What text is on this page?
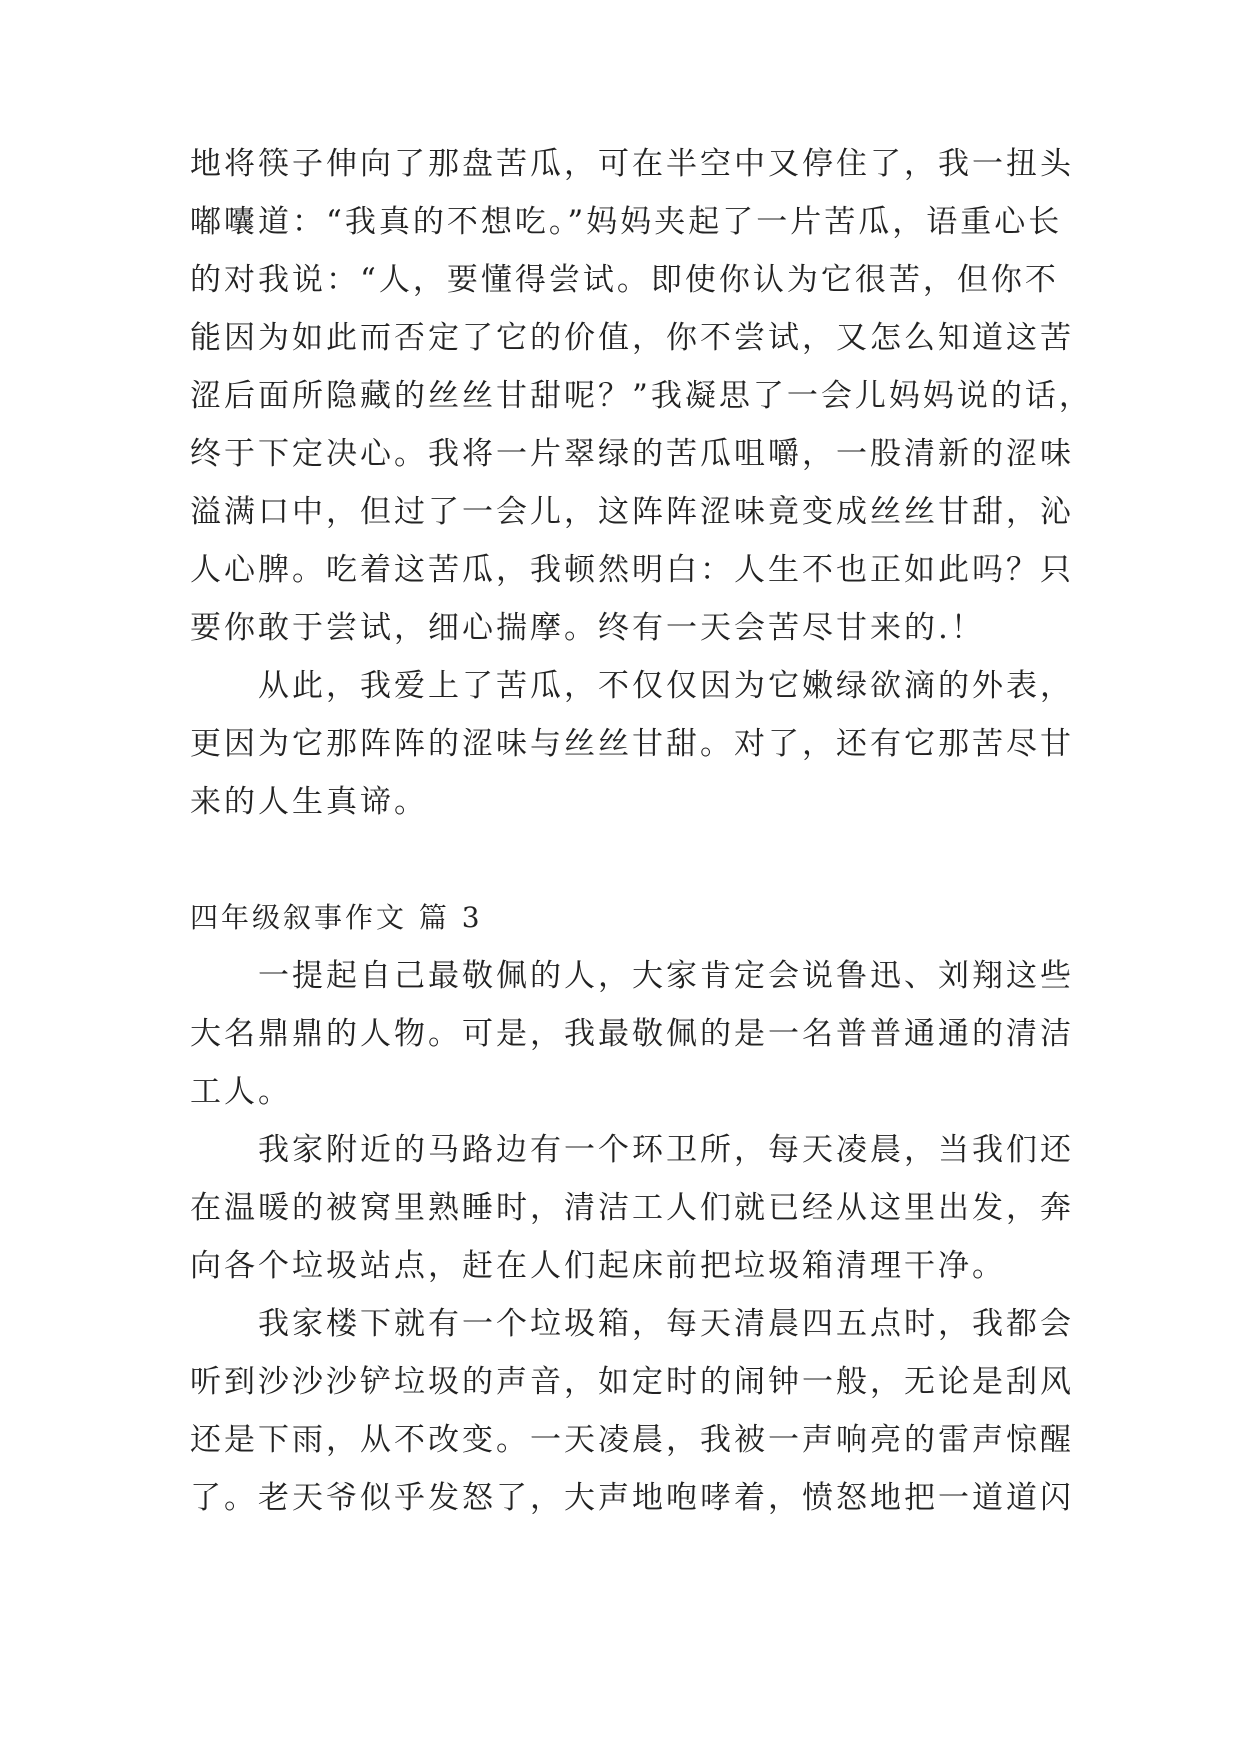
地将筷子伸向了那盘苦瓜，可在半空中又停住了，我一扭头
嘟囔道：“我真的不想吃。”妈妈夹起了一片苦瓜，语重心长
的对我说：“人，要懂得尝试。即使你认为它很苦，但你不
能因为如此而否定了它的价值，你不尝试，又怎么知道这苦
涩后面所隐藏的丝丝甘甜呢？”我凝思了一会儿妈妈说的话，
终于下定决心。我将一片翠绿的苦瓜咀嚼，一股清新的涩味
溢满口中，但过了一会儿，这阵阵涩味竟变成丝丝甘甜，沁
人心脾。吃着这苦瓜，我顿然明白：人生不也正如此吗？只
要你敢于尝试，细心揣摩。终有一天会苦尽甘来的.！
从此，我爱上了苦瓜，不仅仅因为它嫩绿欲滴的外表，
更因为它那阵阵的涩味与丝丝甘甜。对了，还有它那苦尽甘
来的人生真谛。
四年级叙事作文 篇 3
一提起自己最敬佩的人，大家肯定会说鲁迅、刘翔这些
大名鼎鼎的人物。可是，我最敬佩的是一名普普通通的清洁
工人。
我家附近的马路边有一个环卫所，每天凌晨，当我们还
在温暖的被窝里熟睡时，清洁工人们就已经从这里出发，奔
向各个垃圾站点，赶在人们起床前把垃圾箱清理干净。
我家楼下就有一个垃圾箱，每天清晨四五点时，我都会
听到沙沙沙铲垃圾的声音，如定时的闹钟一般，无论是刮风
还是下雨，从不改变。一天凌晨，我被一声响亮的雷声惊醒
了。老天爷似乎发怒了，大声地咆哮着，愤怒地把一道道闪
